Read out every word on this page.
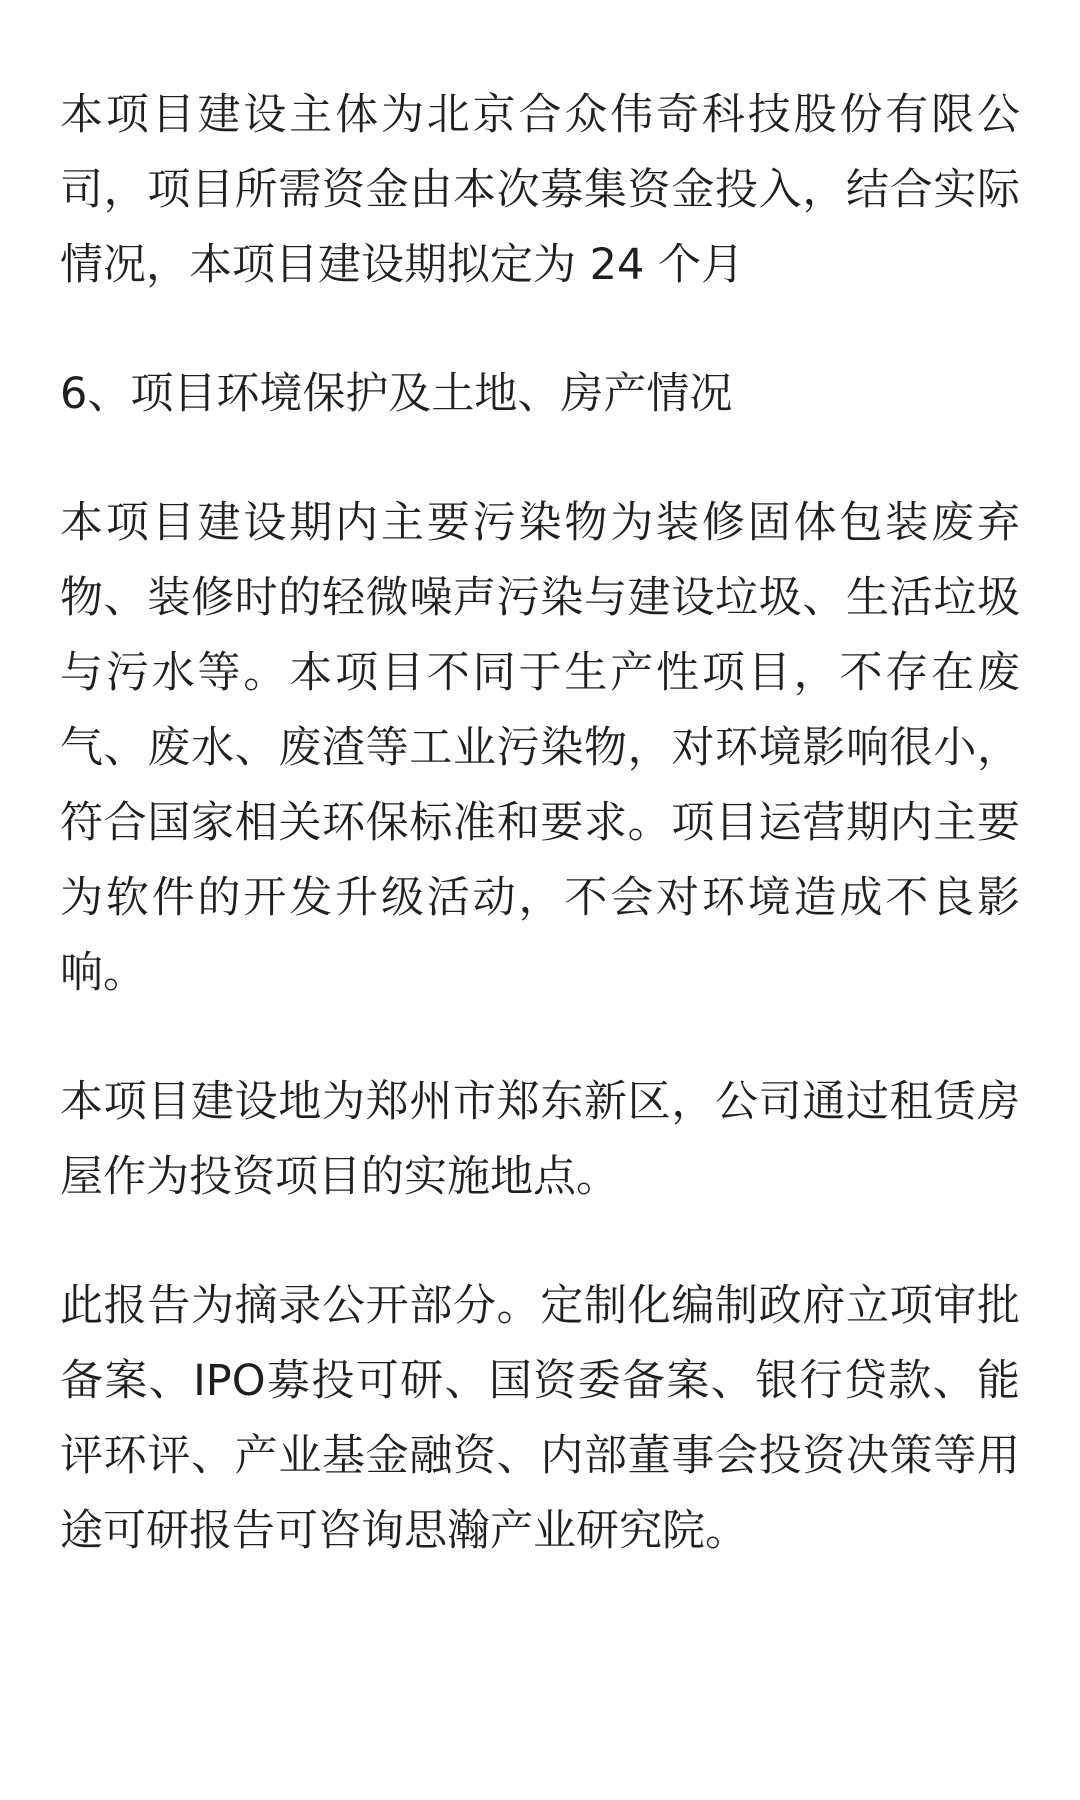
本项目建设主体为北京合众伟奇科技股份有限公
司，项目所需资金由本次募集资金投入，结合实际
情况，本项目建设期拟定为 24 个月

6、项目环境保护及土地、房产情况

本项目建设期内主要污染物为装修固体包装废弃
物、装修时的轻微噪声污染与建设垃圾、生活垃圾
与污水等。本项目不同于生产性项目，不存在废
气、废水、废渣等工业污染物，对环境影响很小，
符合国家相关环保标准和要求。项目运营期内主要
为软件的开发升级活动，不会对环境造成不良影
响。

本项目建设地为郑州市郑东新区，公司通过租赁房
屋作为投资项目的实施地点。

此报告为摘录公开部分。定制化编制政府立项审批
备案、IPO募投可研、国资委备案、银行贷款、能
评环评、产业基金融资、内部董事会投资决策等用
途可研报告可咨询思瀚产业研究院。
